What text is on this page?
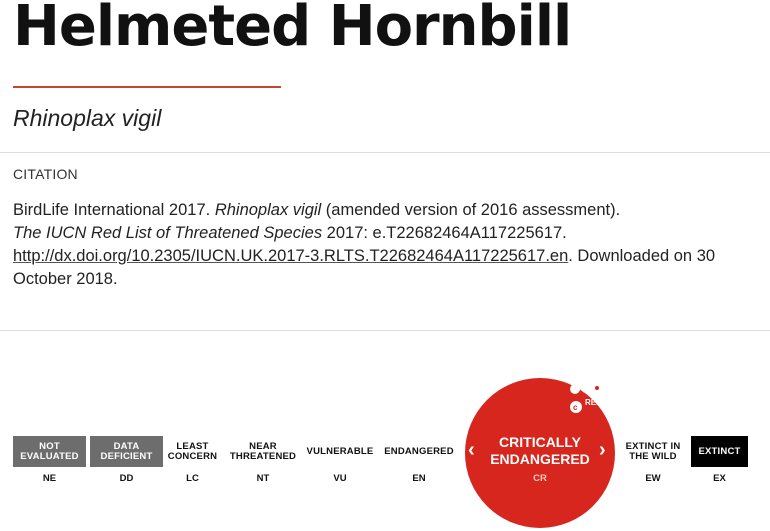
Helmeted Hornbill
Rhinoplax vigil
CITATION
BirdLife International 2017. Rhinoplax vigil (amended version of 2016 assessment).
The IUCN Red List of Threatened Species 2017: e.T22682464A117225617.
http://dx.doi.org/10.2305/IUCN.UK.2017-3.RLTS.T22682464A117225617.en. Downloaded on 30 October 2018.
NOT EVALUATED
DATA DEFICIENT
LEAST CONCERN
NEAR THREATENED	VULNERABLE	ENDANGERED	EXTINCT IN THE WILD	EXTINCT
‹	CRITICALLY ENDANGERED ›
c
RED LIST
NE	DD	LC	NT	VU	EN	CR	EW	EX
